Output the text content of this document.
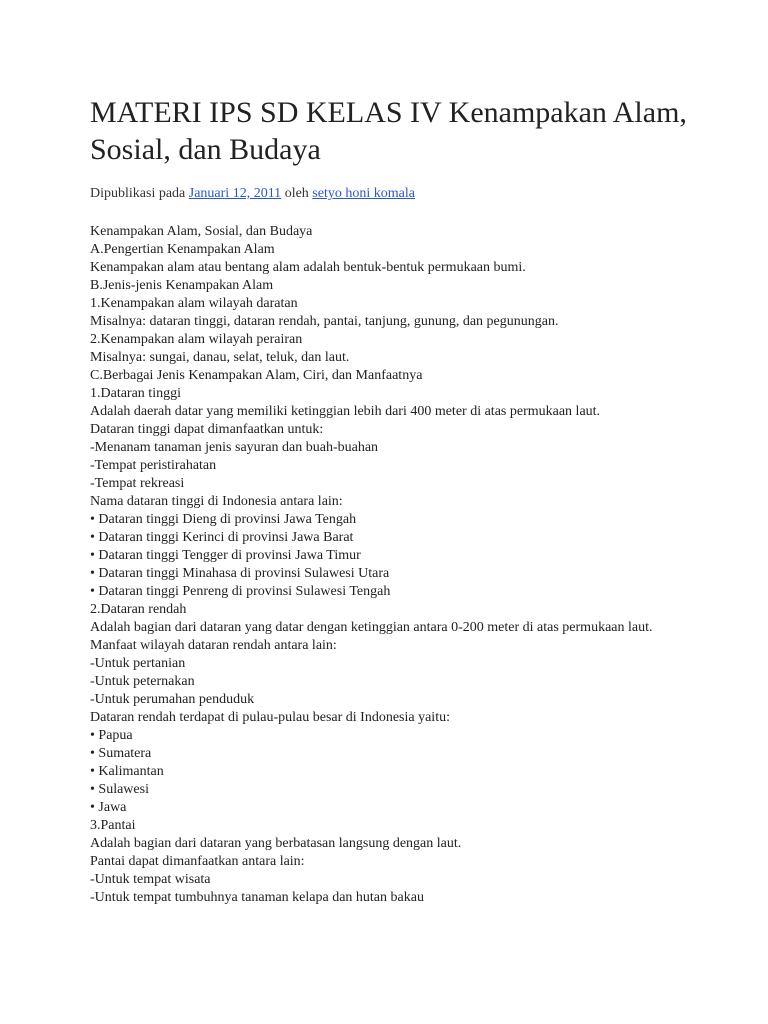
MATERI IPS SD KELAS IV Kenampakan Alam, Sosial, dan Budaya
Dipublikasi pada Januari 12, 2011 oleh setyo honi komala
Kenampakan Alam, Sosial, dan Budaya
A.Pengertian Kenampakan Alam
Kenampakan alam atau bentang alam adalah bentuk-bentuk permukaan bumi.
B.Jenis-jenis Kenampakan Alam
1.Kenampakan alam wilayah daratan
Misalnya: dataran tinggi, dataran rendah, pantai, tanjung, gunung, dan pegunungan.
2.Kenampakan alam wilayah perairan
Misalnya: sungai, danau, selat, teluk, dan laut.
C.Berbagai Jenis Kenampakan Alam, Ciri, dan Manfaatnya
1.Dataran tinggi
Adalah daerah datar yang memiliki ketinggian lebih dari 400 meter di atas permukaan laut.
Dataran tinggi dapat dimanfaatkan untuk:
-Menanam tanaman jenis sayuran dan buah-buahan
-Tempat peristirahatan
-Tempat rekreasi
Nama dataran tinggi di Indonesia antara lain:
• Dataran tinggi Dieng di provinsi Jawa Tengah
• Dataran tinggi Kerinci di provinsi Jawa Barat
• Dataran tinggi Tengger di provinsi Jawa Timur
• Dataran tinggi Minahasa di provinsi Sulawesi Utara
• Dataran tinggi Penreng di provinsi Sulawesi Tengah
2.Dataran rendah
Adalah bagian dari dataran yang datar dengan ketinggian antara 0-200 meter di atas permukaan laut.
Manfaat wilayah dataran rendah antara lain:
-Untuk pertanian
-Untuk peternakan
-Untuk perumahan penduduk
Dataran rendah terdapat di pulau-pulau besar di Indonesia yaitu:
• Papua
• Sumatera
• Kalimantan
• Sulawesi
• Jawa
3.Pantai
Adalah bagian dari dataran yang berbatasan langsung dengan laut.
Pantai dapat dimanfaatkan antara lain:
-Untuk tempat wisata
-Untuk tempat tumbuhnya tanaman kelapa dan hutan bakau
